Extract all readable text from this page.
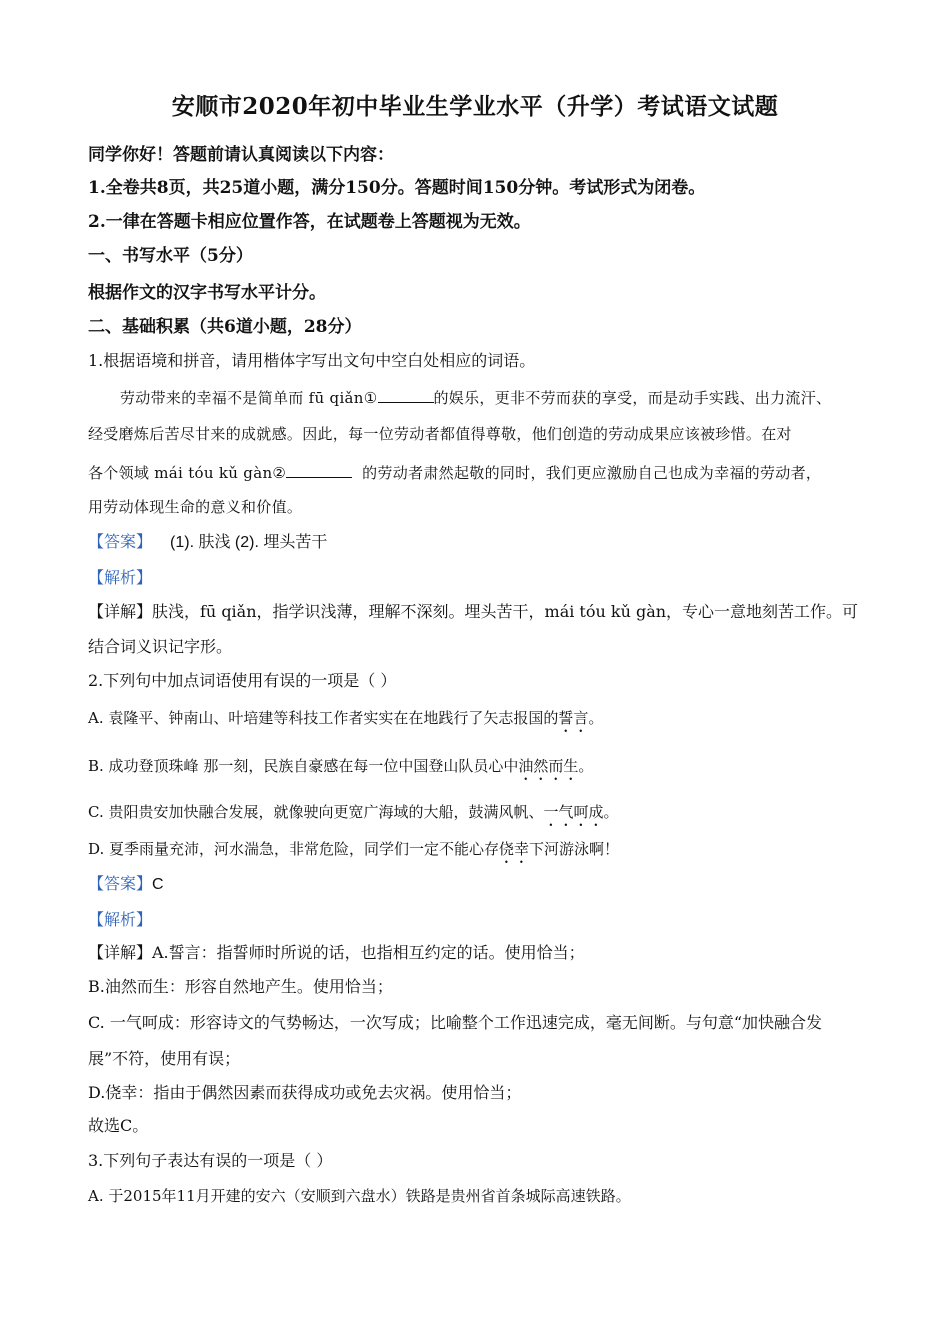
安顺市2020年初中毕业生学业水平（升学）考试语文试题
同学你好！答题前请认真阅读以下内容：
1.全卷共8页，共25道小题，满分150分。答题时间150分钟。考试形式为闭卷。
2.一律在答题卡相应位置作答，在试题卷上答题视为无效。
一、书写水平（5分）
根据作文的汉字书写水平计分。
二、基础积累（共6道小题，28分）
1.根据语境和拼音，请用楷体字写出文句中空白处相应的词语。
劳动带来的幸福不是简单而 fū qiǎn①	的娱乐，更非不劳而获的享受，而是动手实践、出力流汗、
经受磨炼后苦尽甘来的成就感。因此，每一位劳动者都值得尊敬，他们创造的劳动成果应该被珍惜。在对
各个领域 mái tóu kǔ gàn②	的劳动者肃然起敬的同时，我们更应激励自己也成为幸福的劳动者，
用劳动体现生命的意义和价值。
【答案】 (1). 肤浅 (2). 埋头苦干
【解析】
【详解】肤浅，fū qiǎn，指学识浅薄，理解不深刻。埋头苦干，mái tóu kǔ gàn，专心一意地刻苦工作。可
结合词义识记字形。
2.下列句中加点词语使用有误的一项是（ ）
A. 袁隆平、钟南山、叶培建等科技工作者实实在在地践行了矢志报国的誓言。
B. 成功登顶珠峰 那一刻，民族自豪感在每一位中国登山队员心中油然而生。
C. 贵阳贵安加快融合发展，就像驶向更宽广海域的大船，鼓满风帆、一气呵成。
D. 夏季雨量充沛，河水湍急，非常危险，同学们一定不能心存侥幸下河游泳啊！
【答案】C
【解析】
【详解】A.誓言：指誓师时所说的话，也指相互约定的话。使用恰当；
B.油然而生：形容自然地产生。使用恰当；
C. 一气呵成：形容诗文的气势畅达，一次写成；比喻整个工作迅速完成，毫无间断。与句意“加快融合发
展”不符，使用有误；
D.侥幸：指由于偶然因素而获得成功或免去灾祸。使用恰当；
故选C。
3.下列句子表达有误的一项是（ ）
A. 于2015年11月开建的安六（安顺到六盘水）铁路是贵州省首条城际高速铁路。
